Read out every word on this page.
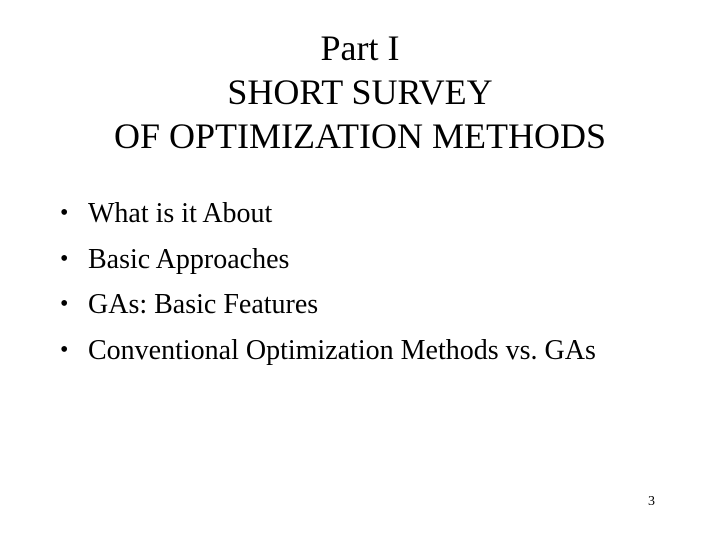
Part I
SHORT SURVEY
OF OPTIMIZATION METHODS
• What is it About
• Basic Approaches
• GAs: Basic Features
• Conventional Optimization Methods vs. GAs
3
